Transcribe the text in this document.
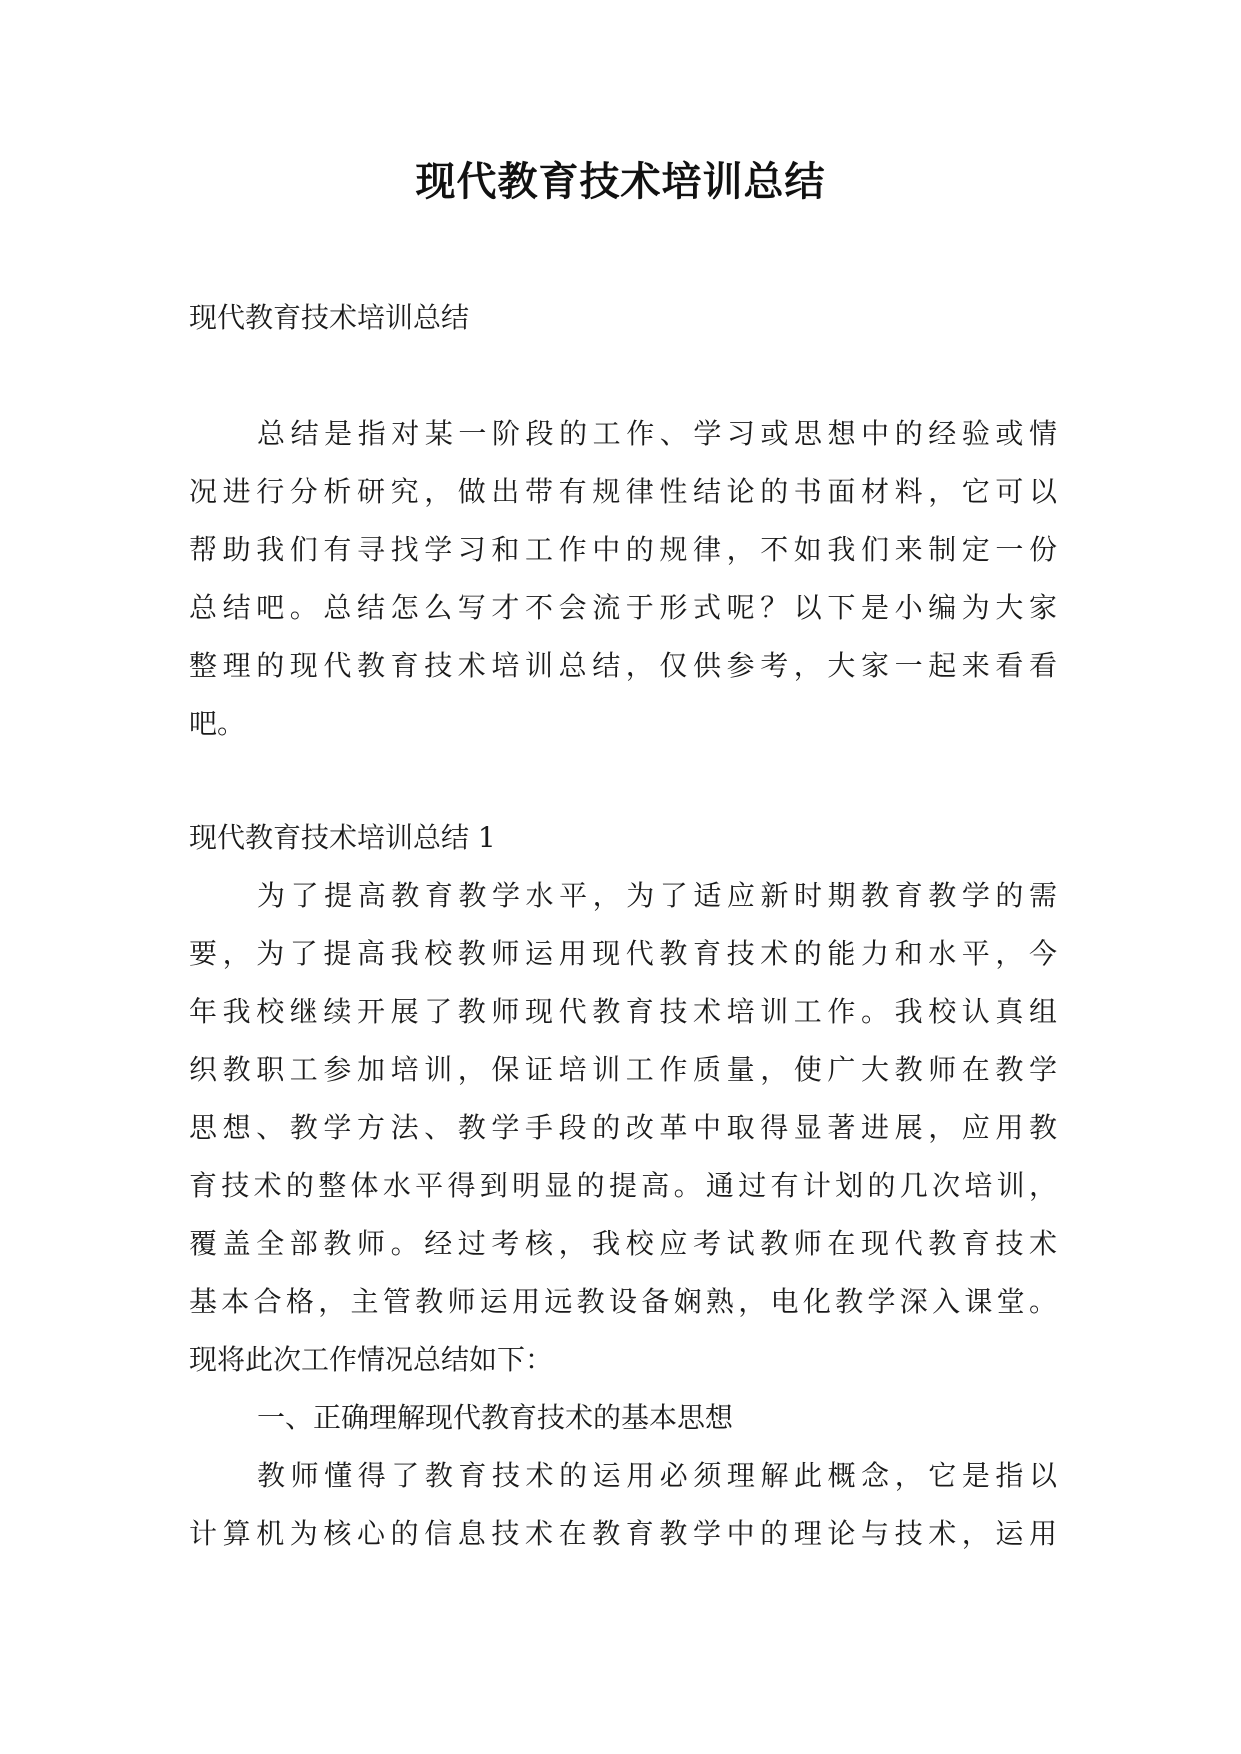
现代教育技术培训总结
现代教育技术培训总结
总结是指对某一阶段的工作、学习或思想中的经验或情
况进行分析研究，做出带有规律性结论的书面材料，它可以
帮助我们有寻找学习和工作中的规律，不如我们来制定一份
总结吧。总结怎么写才不会流于形式呢？以下是小编为大家
整理的现代教育技术培训总结，仅供参考，大家一起来看看
吧。
现代教育技术培训总结 1
为了提高教育教学水平，为了适应新时期教育教学的需
要，为了提高我校教师运用现代教育技术的能力和水平，今
年我校继续开展了教师现代教育技术培训工作。我校认真组
织教职工参加培训，保证培训工作质量，使广大教师在教学
思想、教学方法、教学手段的改革中取得显著进展，应用教
育技术的整体水平得到明显的提高。通过有计划的几次培训，
覆盖全部教师。经过考核，我校应考试教师在现代教育技术
基本合格，主管教师运用远教设备娴熟，电化教学深入课堂。
现将此次工作情况总结如下：
一、正确理解现代教育技术的基本思想
教师懂得了教育技术的运用必须理解此概念，它是指以
计算机为核心的信息技术在教育教学中的理论与技术，运用
